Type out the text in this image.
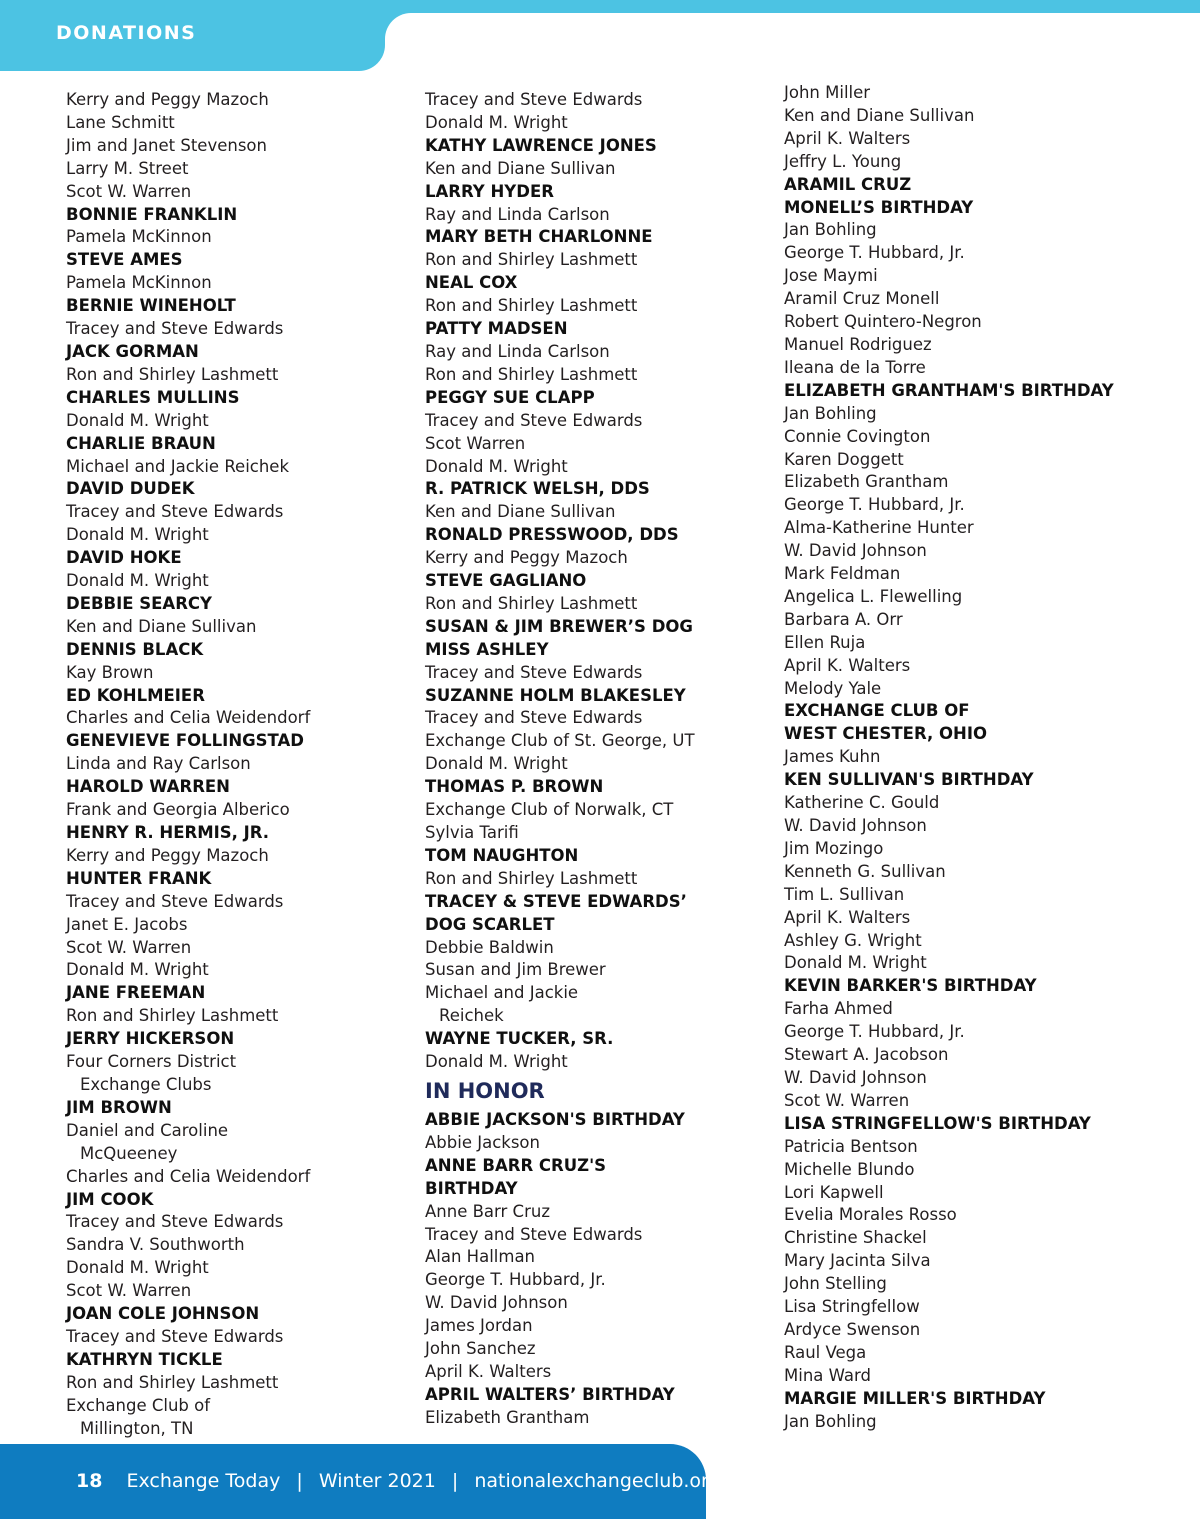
DONATIONS
Kerry and Peggy Mazoch
Lane Schmitt
Jim and Janet Stevenson
Larry M. Street
Scot W. Warren
BONNIE FRANKLIN
Pamela McKinnon
STEVE AMES
Pamela McKinnon
BERNIE WINEHOLT
Tracey and Steve Edwards
JACK GORMAN
Ron and Shirley Lashmett
CHARLES MULLINS
Donald M. Wright
CHARLIE BRAUN
Michael and Jackie Reichek
DAVID DUDEK
Tracey and Steve Edwards
Donald M. Wright
DAVID HOKE
Donald M. Wright
DEBBIE SEARCY
Ken and Diane Sullivan
DENNIS BLACK
Kay Brown
ED KOHLMEIER
Charles and Celia Weidendorf
GENEVIEVE FOLLINGSTAD
Linda and Ray Carlson
HAROLD WARREN
Frank and Georgia Alberico
HENRY R. HERMIS, JR.
Kerry and Peggy Mazoch
HUNTER FRANK
Tracey and Steve Edwards
Janet E. Jacobs
Scot W. Warren
Donald M. Wright
JANE FREEMAN
Ron and Shirley Lashmett
JERRY HICKERSON
Four Corners District
Exchange Clubs
JIM BROWN
Daniel and Caroline
McQueeney
Charles and Celia Weidendorf
JIM COOK
Tracey and Steve Edwards
Sandra V. Southworth
Donald M. Wright
Scot W. Warren
JOAN COLE JOHNSON
Tracey and Steve Edwards
KATHRYN TICKLE
Ron and Shirley Lashmett
Exchange Club of
Millington, TN
Tracey and Steve Edwards
Donald M. Wright
KATHY LAWRENCE JONES
Ken and Diane Sullivan
LARRY HYDER
Ray and Linda Carlson
MARY BETH CHARLONNE
Ron and Shirley Lashmett
NEAL COX
Ron and Shirley Lashmett
PATTY MADSEN
Ray and Linda Carlson
Ron and Shirley Lashmett
PEGGY SUE CLAPP
Tracey and Steve Edwards
Scot Warren
Donald M. Wright
R. PATRICK WELSH, DDS
Ken and Diane Sullivan
RONALD PRESSWOOD, DDS
Kerry and Peggy Mazoch
STEVE GAGLIANO
Ron and Shirley Lashmett
SUSAN & JIM BREWER’S DOG
MISS ASHLEY
Tracey and Steve Edwards
SUZANNE HOLM BLAKESLEY
Tracey and Steve Edwards
Exchange Club of St. George, UT
Donald M. Wright
THOMAS P. BROWN
Exchange Club of Norwalk, CT
Sylvia Tarifi
TOM NAUGHTON
Ron and Shirley Lashmett
TRACEY & STEVE EDWARDS’
DOG SCARLET
Debbie Baldwin
Susan and Jim Brewer
Michael and Jackie
Reichek
WAYNE TUCKER, SR.
Donald M. Wright
IN HONOR
ABBIE JACKSON'S BIRTHDAY
Abbie Jackson
ANNE BARR CRUZ'S
BIRTHDAY
Anne Barr Cruz
Tracey and Steve Edwards
Alan Hallman
George T. Hubbard, Jr.
W. David Johnson
James Jordan
John Sanchez
April K. Walters
APRIL WALTERS’ BIRTHDAY
Elizabeth Grantham
John Miller
Ken and Diane Sullivan
April K. Walters
Jeffry L. Young
ARAMIL CRUZ
MONELL’S BIRTHDAY
Jan Bohling
George T. Hubbard, Jr.
Jose Maymi
Aramil Cruz Monell
Robert Quintero-Negron
Manuel Rodriguez
Ileana de la Torre
ELIZABETH GRANTHAM'S BIRTHDAY
Jan Bohling
Connie Covington
Karen Doggett
Elizabeth Grantham
George T. Hubbard, Jr.
Alma-Katherine Hunter
W. David Johnson
Mark Feldman
Angelica L. Flewelling
Barbara A. Orr
Ellen Ruja
April K. Walters
Melody Yale
EXCHANGE CLUB OF
WEST CHESTER, OHIO
James Kuhn
KEN SULLIVAN'S BIRTHDAY
Katherine C. Gould
W. David Johnson
Jim Mozingo
Kenneth G. Sullivan
Tim L. Sullivan
April K. Walters
Ashley G. Wright
Donald M. Wright
KEVIN BARKER'S BIRTHDAY
Farha Ahmed
George T. Hubbard, Jr.
Stewart A. Jacobson
W. David Johnson
Scot W. Warren
LISA STRINGFELLOW'S BIRTHDAY
Patricia Bentson
Michelle Blundo
Lori Kapwell
Evelia Morales Rosso
Christine Shackel
Mary Jacinta Silva
John Stelling
Lisa Stringfellow
Ardyce Swenson
Raul Vega
Mina Ward
MARGIE MILLER'S BIRTHDAY
Jan Bohling
18 Exchange Today | Winter 2021 | nationalexchangeclub.org
